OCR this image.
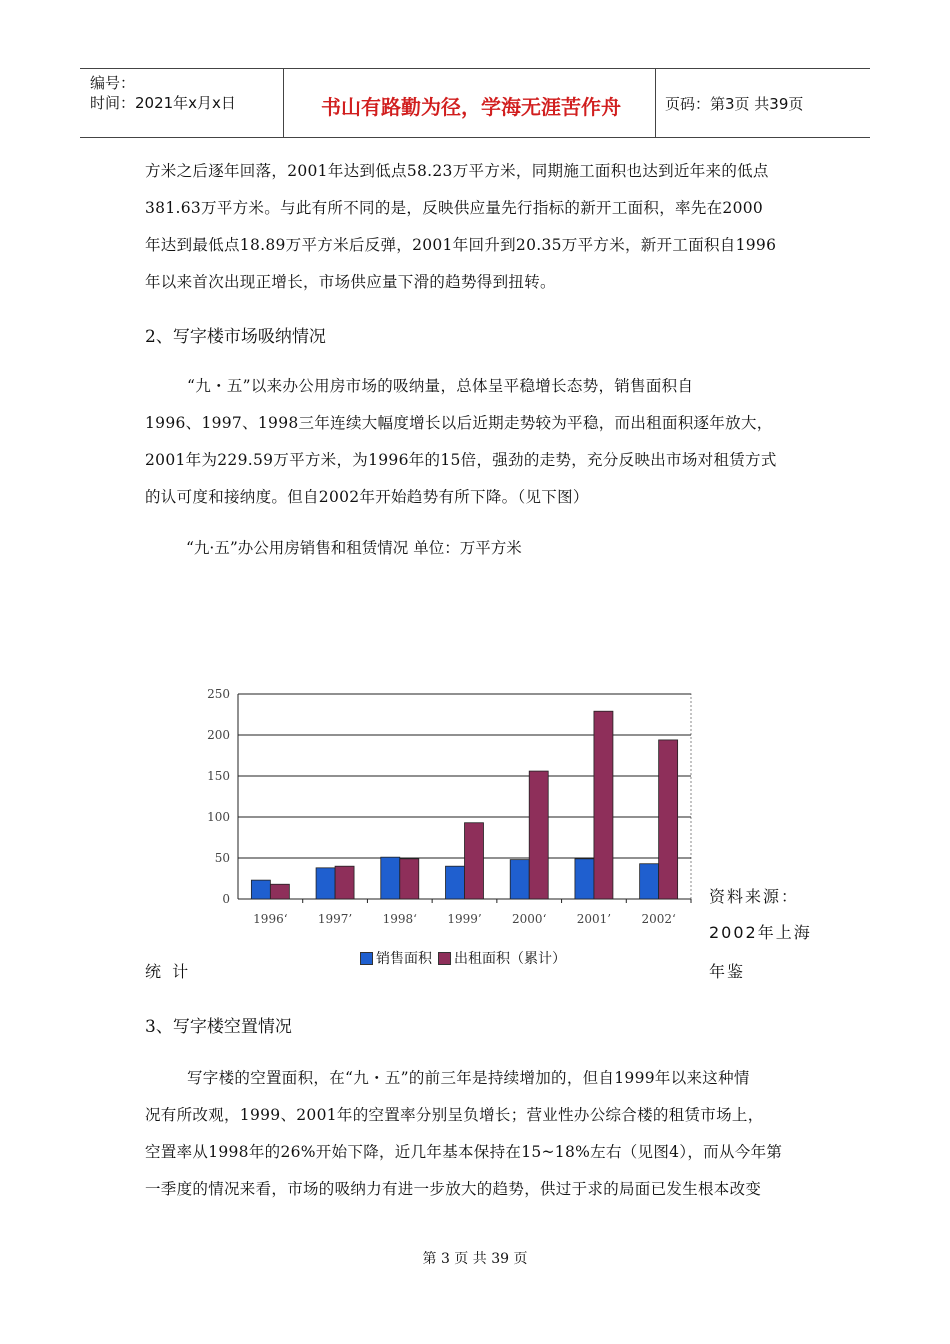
编号：
时间：2021年x月x日	书山有路勤为径，学海无涯苦作舟	页码：第3页 共39页
方米之后逐年回落，2001年达到低点58.23万平方米，同期施工面积也达到近年来的低点
381.63万平方米。与此有所不同的是，反映供应量先行指标的新开工面积，率先在2000
年达到最低点18.89万平方米后反弹，2001年回升到20.35万平方米，新开工面积自1996
年以来首次出现正增长，市场供应量下滑的趋势得到扭转。
2、写字楼市场吸纳情况
“九・五”以来办公用房市场的吸纳量，总体呈平稳增长态势，销售面积自
1996、1997、1998三年连续大幅度增长以后近期走势较为平稳，而出租面积逐年放大，
2001年为229.59万平方米，为1996年的15倍，强劲的走势，充分反映出市场对租赁方式
的认可度和接纳度。但自2002年开始趋势有所下降。（见下图）
“九·五”办公用房销售和租赁情况 单位：万平方米
0
50
100
150
200
250
1996‘	1997’	1998‘	1999’	2000‘	2001’	2002‘
销售面积 出租面积（累计）
资料来源：
2002年上海
统 计	年鉴
3、写字楼空置情况
写字楼的空置面积，在“九・五”的前三年是持续增加的，但自1999年以来这种情
况有所改观，1999、2001年的空置率分别呈负增长；营业性办公综合楼的租赁市场上，
空置率从1998年的26%开始下降，近几年基本保持在15~18%左右（见图4），而从今年第
一季度的情况来看，市场的吸纳力有进一步放大的趋势，供过于求的局面已发生根本改变
第 3 页 共 39 页
